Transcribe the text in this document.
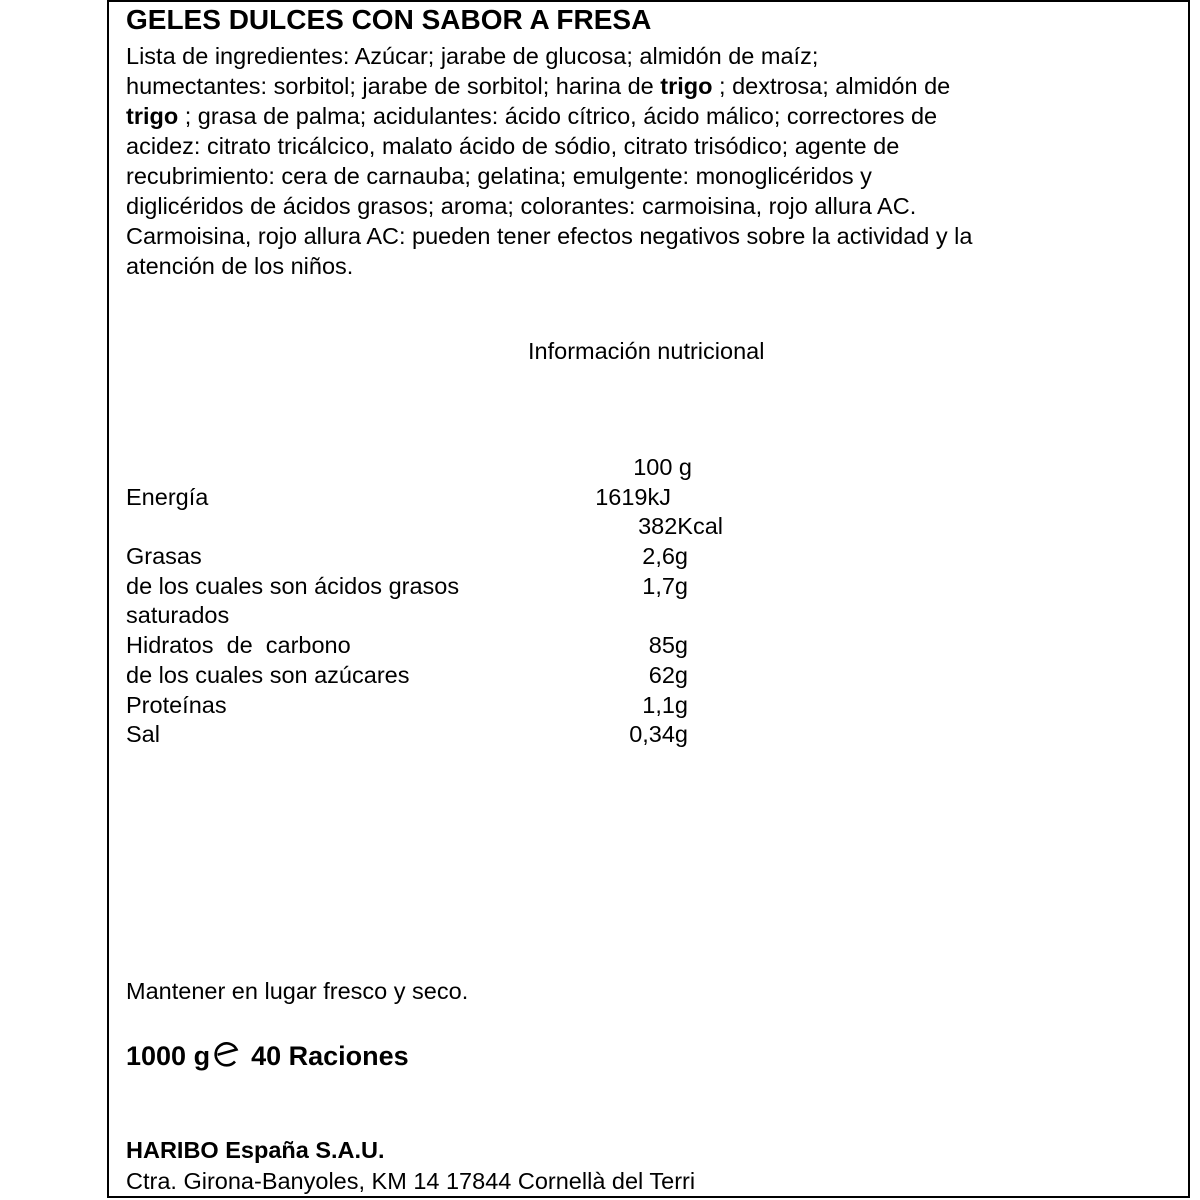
GELES DULCES CON SABOR A FRESA
Lista de ingredientes: Azúcar; jarabe de glucosa; almidón de maíz;
humectantes: sorbitol; jarabe de sorbitol; harina de trigo ; dextrosa; almidón de
trigo ; grasa de palma; acidulantes: ácido cítrico, ácido málico; correctores de
acidez: citrato tricálcico, malato ácido de sódio, citrato trisódico; agente de
recubrimiento: cera de carnauba; gelatina; emulgente: monoglicéridos y
diglicéridos de ácidos grasos; aroma; colorantes: carmoisina, rojo allura AC.
Carmoisina, rojo allura AC: pueden tener efectos negativos sobre la actividad y la
atención de los niños.
Información nutricional
100 g
Energía	1619kJ
382Kcal
Grasas	2,6g
de los cuales son ácidos grasos	1,7g
saturados
Hidratos  de  carbono	85g
de los cuales son azúcares	62g
Proteínas	1,1g
Sal	0,34g
Mantener en lugar fresco y seco.
1000 g 40 Raciones
HARIBO España S.A.U.
Ctra. Girona-Banyoles, KM 14 17844 Cornellà del Terri
